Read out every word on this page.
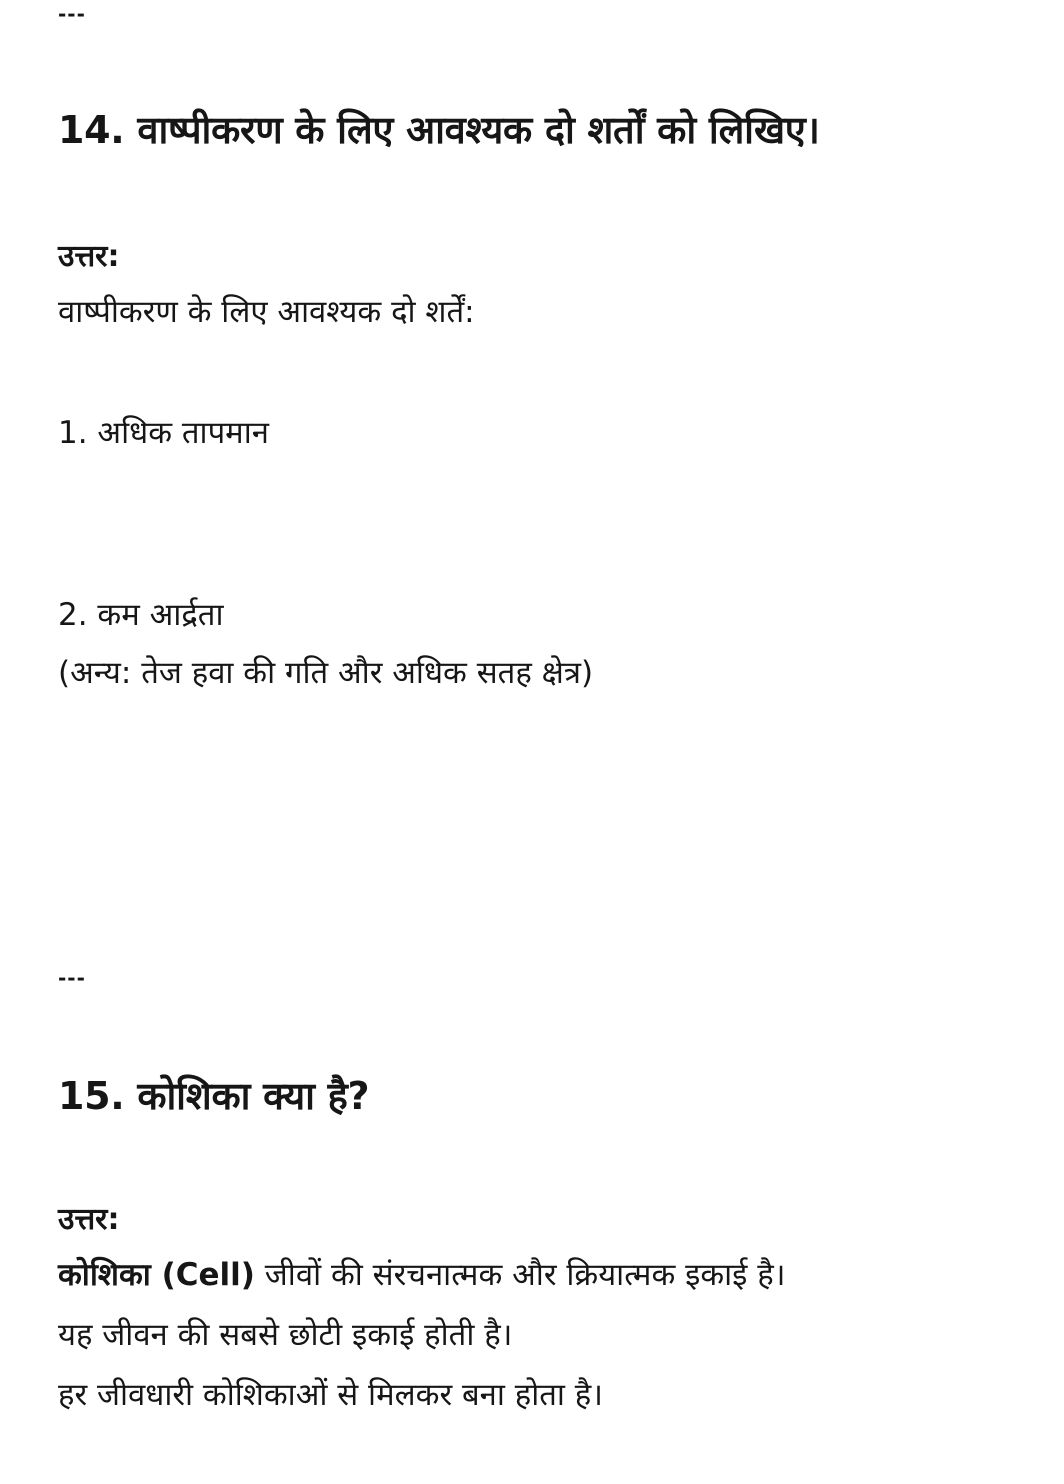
---
14. वाष्पीकरण के लिए आवश्यक दो शर्तों को लिखिए।
उत्तर:
वाष्पीकरण के लिए आवश्यक दो शर्तें:
1. अधिक तापमान
2. कम आर्द्रता
(अन्य: तेज हवा की गति और अधिक सतह क्षेत्र)
---
15. कोशिका क्या है?
उत्तर:
कोशिका (Cell) जीवों की संरचनात्मक और क्रियात्मक इकाई है।
यह जीवन की सबसे छोटी इकाई होती है।
हर जीवधारी कोशिकाओं से मिलकर बना होता है।
